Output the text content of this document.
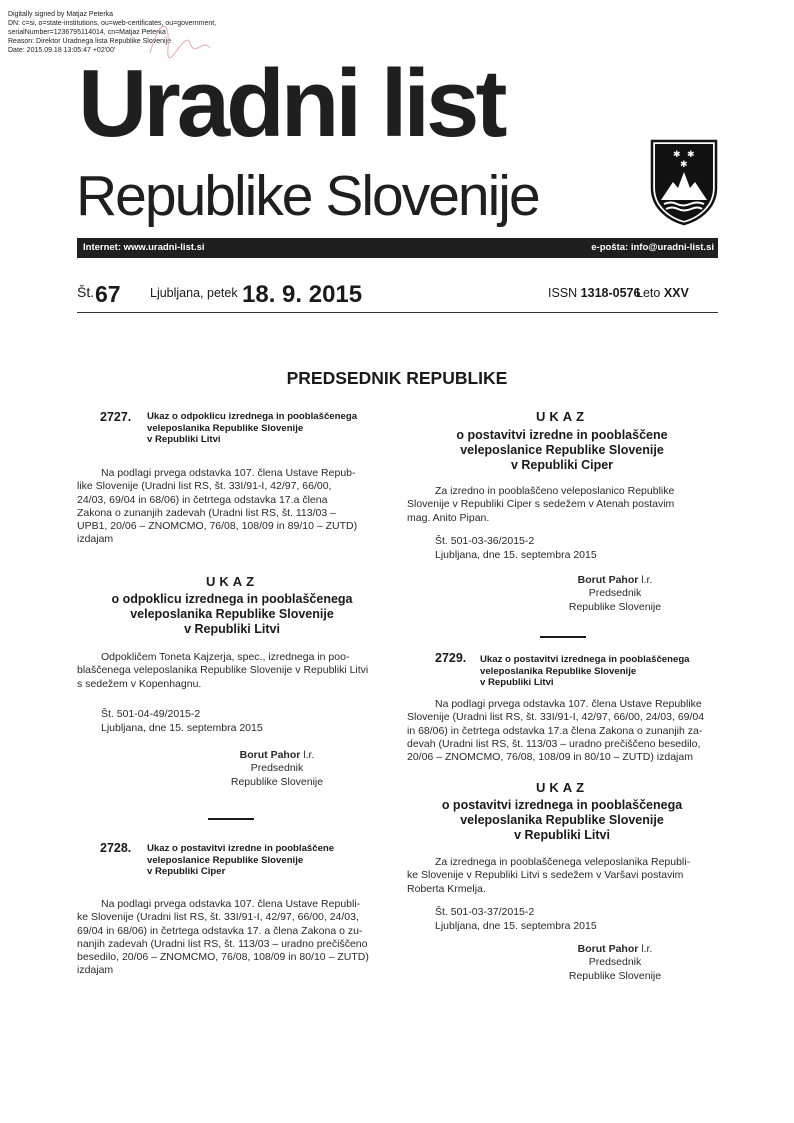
Digitally signed by Matjaz Peterka
DN: c=si, o=state-institutions, ou=web-certificates, ou=government,
serialNumber=1236795114014, cn=Matjaz Peterka
Reason: Direktor Uradnega lista Republike Slovenije
Date: 2015.09.18 13:05:47 +02'00'
Uradni list
Republike Slovenije
✱ ✱
✱
Internet: www.uradni-list.si	e-pošta: info@uradni-list.si
Št. 67 Ljubljana, petek 18. 9. 2015	ISSN 1318-0576
Leto XXV
PREDSEDNIK REPUBLIKE
2727. Ukaz o odpoklicu izrednega in pooblaščenega
veleposlanika Republike Slovenije
v Republiki Litvi
Na podlagi prvega odstavka 107. člena Ustave Repub-
like Slovenije (Uradni list RS, št. 33I/91-I, 42/97, 66/00,
24/03, 69/04 in 68/06) in četrtega odstavka 17.a člena
Zakona o zunanjih zadevah (Uradni list RS, št. 113/03 –
UPB1, 20/06 – ZNOMCMO, 76/08, 108/09 in 89/10 – ZUTD)
izdajam
UKAZ
o odpoklicu izrednega in pooblaščenega
veleposlanika Republike Slovenije
v Republiki Litvi
Odpokličem Toneta Kajzerja, spec., izrednega in poo-
blaščenega veleposlanika Republike Slovenije v Republiki Litvi
s sedežem v Kopenhagnu.
Št. 501-04-49/2015-2
Ljubljana, dne 15. septembra 2015
Borut Pahor l.r.
Predsednik
Republike Slovenije
2728. Ukaz o postavitvi izredne in pooblaščene
veleposlanice Republike Slovenije
v Republiki Ciper
Na podlagi prvega odstavka 107. člena Ustave Republi-
ke Slovenije (Uradni list RS, št. 33I/91-I, 42/97, 66/00, 24/03,
69/04 in 68/06) in četrtega odstavka 17. a člena Zakona o zu-
nanjih zadevah (Uradni list RS, št. 113/03 – uradno prečiščeno
besedilo, 20/06 – ZNOMCMO, 76/08, 108/09 in 80/10 – ZUTD)
izdajam
UKAZ
o postavitvi izredne in pooblaščene
veleposlanice Republike Slovenije
v Republiki Ciper
Za izredno in pooblaščeno veleposlanico Republike
Slovenije v Republiki Ciper s sedežem v Atenah postavim
mag. Anito Pipan.
Št. 501-03-36/2015-2
Ljubljana, dne 15. septembra 2015
Borut Pahor l.r.
Predsednik
Republike Slovenije
2729. Ukaz o postavitvi izrednega in pooblaščenega
veleposlanika Republike Slovenije
v Republiki Litvi
Na podlagi prvega odstavka 107. člena Ustave Republike
Slovenije (Uradni list RS, št. 33I/91-I, 42/97, 66/00, 24/03, 69/04
in 68/06) in četrtega odstavka 17.a člena Zakona o zunanjih za-
devah (Uradni list RS, št. 113/03 – uradno prečiščeno besedilo,
20/06 – ZNOMCMO, 76/08, 108/09 in 80/10 – ZUTD) izdajam
UKAZ
o postavitvi izrednega in pooblaščenega
veleposlanika Republike Slovenije
v Republiki Litvi
Za izrednega in pooblaščenega veleposlanika Republi-
ke Slovenije v Republiki Litvi s sedežem v Varšavi postavim
Roberta Krmelja.
Št. 501-03-37/2015-2
Ljubljana, dne 15. septembra 2015
Borut Pahor l.r.
Predsednik
Republike Slovenije
